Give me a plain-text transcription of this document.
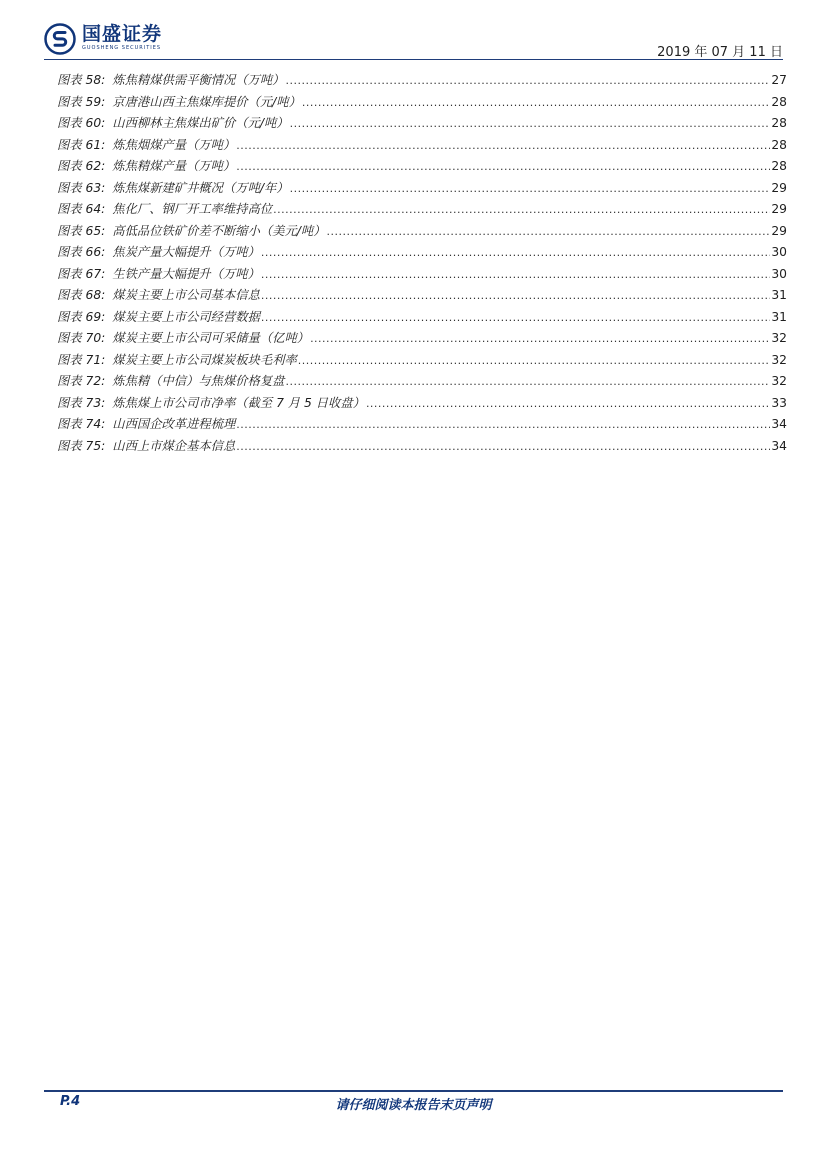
国盛证券
GUOSHENG SECURITIES	2019 年 07 月 11 日
图表 58: 炼焦精煤供需平衡情况（万吨） .....	27
图表 59: 京唐港山西主焦煤库提价（元/吨） .....	28
图表 60: 山西柳林主焦煤出矿价（元/吨） .....	28
图表 61: 炼焦烟煤产量（万吨） .....	28
图表 62: 炼焦精煤产量（万吨） .....	28
图表 63: 炼焦煤新建矿井概况（万吨/年） .....	29
图表 64: 焦化厂、钢厂开工率维持高位 .....	29
图表 65: 高低品位铁矿价差不断缩小（美元/吨） .....	29
图表 66: 焦炭产量大幅提升（万吨） .....	30
图表 67: 生铁产量大幅提升（万吨） .....	30
图表 68: 煤炭主要上市公司基本信息 .....	31
图表 69: 煤炭主要上市公司经营数据 .....	31
图表 70: 煤炭主要上市公司可采储量（亿吨） .....	32
图表 71: 煤炭主要上市公司煤炭板块毛利率 .....	32
图表 72: 炼焦精（中信）与焦煤价格复盘 .....	32
图表 73: 炼焦煤上市公司市净率（截至 7 月 5 日收盘） .....	33
图表 74: 山西国企改革进程梳理 .....	34
图表 75: 山西上市煤企基本信息 .....	34
P.4	请仔细阅读本报告末页声明
